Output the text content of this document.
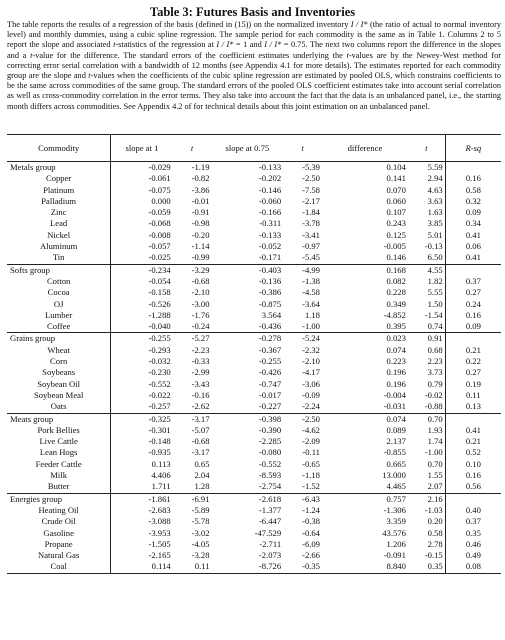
Table 3: Futures Basis and Inventories
The table reports the results of a regression of the basis (defined in (15)) on the normalized inventory I / I* (the ratio of actual to normal inventory level) and monthly dummies, using a cubic spline regression. The sample period for each commodity is the same as in Table 1. Columns 2 to 5 report the slope and associated t-statistics of the regression at I / I* = 1 and I / I* = 0.75. The next two columns report the difference in the slopes and a t-value for the difference. The standard errors of the coefficient estimates underlying the t-values are by the Newey-West method for correcting error serial correlation with a bandwidth of 12 months (see Appendix 4.1 for more details). The estimates reported for each commodity group are the slope and t-values when the coefficients of the cubic spline regression are estimated by pooled OLS, which constrains coefficients to be the same across commodities of the same group. The standard errors of the pooled OLS coefficient estimates take into account serial correlation as well as cross-commodity correlation in the error terms. They also take into account the fact that the data is an unbalanced panel, i.e., the starting month differs across commodities. See Appendix 4.2 of for technical details about this joint estimation on an unbalanced panel.
Commodity	slope at 1	t	slope at 0.75	t	difference	t	R-sq
Metals group	-0.029	-1.19	-0.133	-5.39	0.104	5.59	
Copper	-0.061	-0.82	-0.202	-2.50	0.141	2.94	0.16
Platinum	-0.075	-3.86	-0.146	-7.58	0.070	4.63	0.58
Palladium	0.000	-0.01	-0.060	-2.17	0.060	3.63	0.32
Zinc	-0.059	-0.91	-0.166	-1.84	0.107	1.63	0.09
Lead	-0.068	-0.98	-0.311	-3.78	0.243	3.85	0.34
Nickel	-0.008	-0.20	-0.133	-3.41	0.125	5.01	0.41
Aluminum	-0.057	-1.14	-0.052	-0.97	-0.005	-0.13	0.06
Tin	-0.025	-0.99	-0.171	-5.45	0.146	6.50	0.41
Softs group	-0.234	-3.29	-0.403	-4.99	0.168	4.55	
Cotton	-0.054	-0.68	-0.136	-1.38	0.082	1.82	0.37
Cocoa	-0.158	-2.10	-0.386	-4.58	0.228	5.55	0.27
OJ	-0.526	-3.00	-0.875	-3.64	0.349	1.50	0.24
Lumber	-1.288	-1.76	3.564	1.18	-4.852	-1.54	0.16
Coffee	-0.040	-0.24	-0.436	-1.00	0.395	0.74	0.09
Grains group	-0.255	-5.27	-0.278	-5.24	0.023	0.91	
Wheat	-0.293	-2.23	-0.367	-2.32	0.074	0.68	0.21
Corn	-0.032	-0.33	-0.255	-2.10	0.223	2.23	0.22
Soybeans	-0.230	-2.99	-0.426	-4.17	0.196	3.73	0.27
Soybean Oil	-0.552	-3.43	-0.747	-3.06	0.196	0.79	0.19
Soybean Meal	-0.022	-0.16	-0.017	-0.09	-0.004	-0.02	0.11
Oats	-0.257	-2.62	-0.227	-2.24	-0.031	-0.88	0.13
Meats group	-0.325	-3.17	-0.398	-2.50	0.074	0.70	
Pork Bellies	-0.301	-5.07	-0.390	-4.62	0.089	1.93	0.41
Live Cattle	-0.148	-0.68	-2.285	-2.09	2.137	1.74	0.21
Lean Hogs	-0.935	-3.17	-0.080	-0.11	-0.855	-1.00	0.52
Feeder Cattle	0.113	0.65	-0.552	-0.65	0.665	0.70	0.10
Milk	4.406	2.04	-8.593	-1.18	13.000	1.55	0.16
Butter	1.711	1.28	-2.754	-1.52	4.465	2.07	0.56
Energies group	-1.861	-6.91	-2.618	-6.43	0.757	2.16	
Heating Oil	-2.683	-5.89	-1.377	-1.24	-1.306	-1.03	0.40
Crude Oil	-3.088	-5.78	-6.447	-0.38	3.359	0.20	0.37
Gasoline	-3.953	-3.02	-47.529	-0.64	43.576	0.58	0.35
Propane	-1.505	-4.05	-2.711	-6.09	1.206	2.78	0.46
Natural Gas	-2.165	-3.28	-2.073	-2.66	-0.091	-0.15	0.49
Coal	0.114	0.11	-8.726	-0.35	8.840	0.35	0.08
